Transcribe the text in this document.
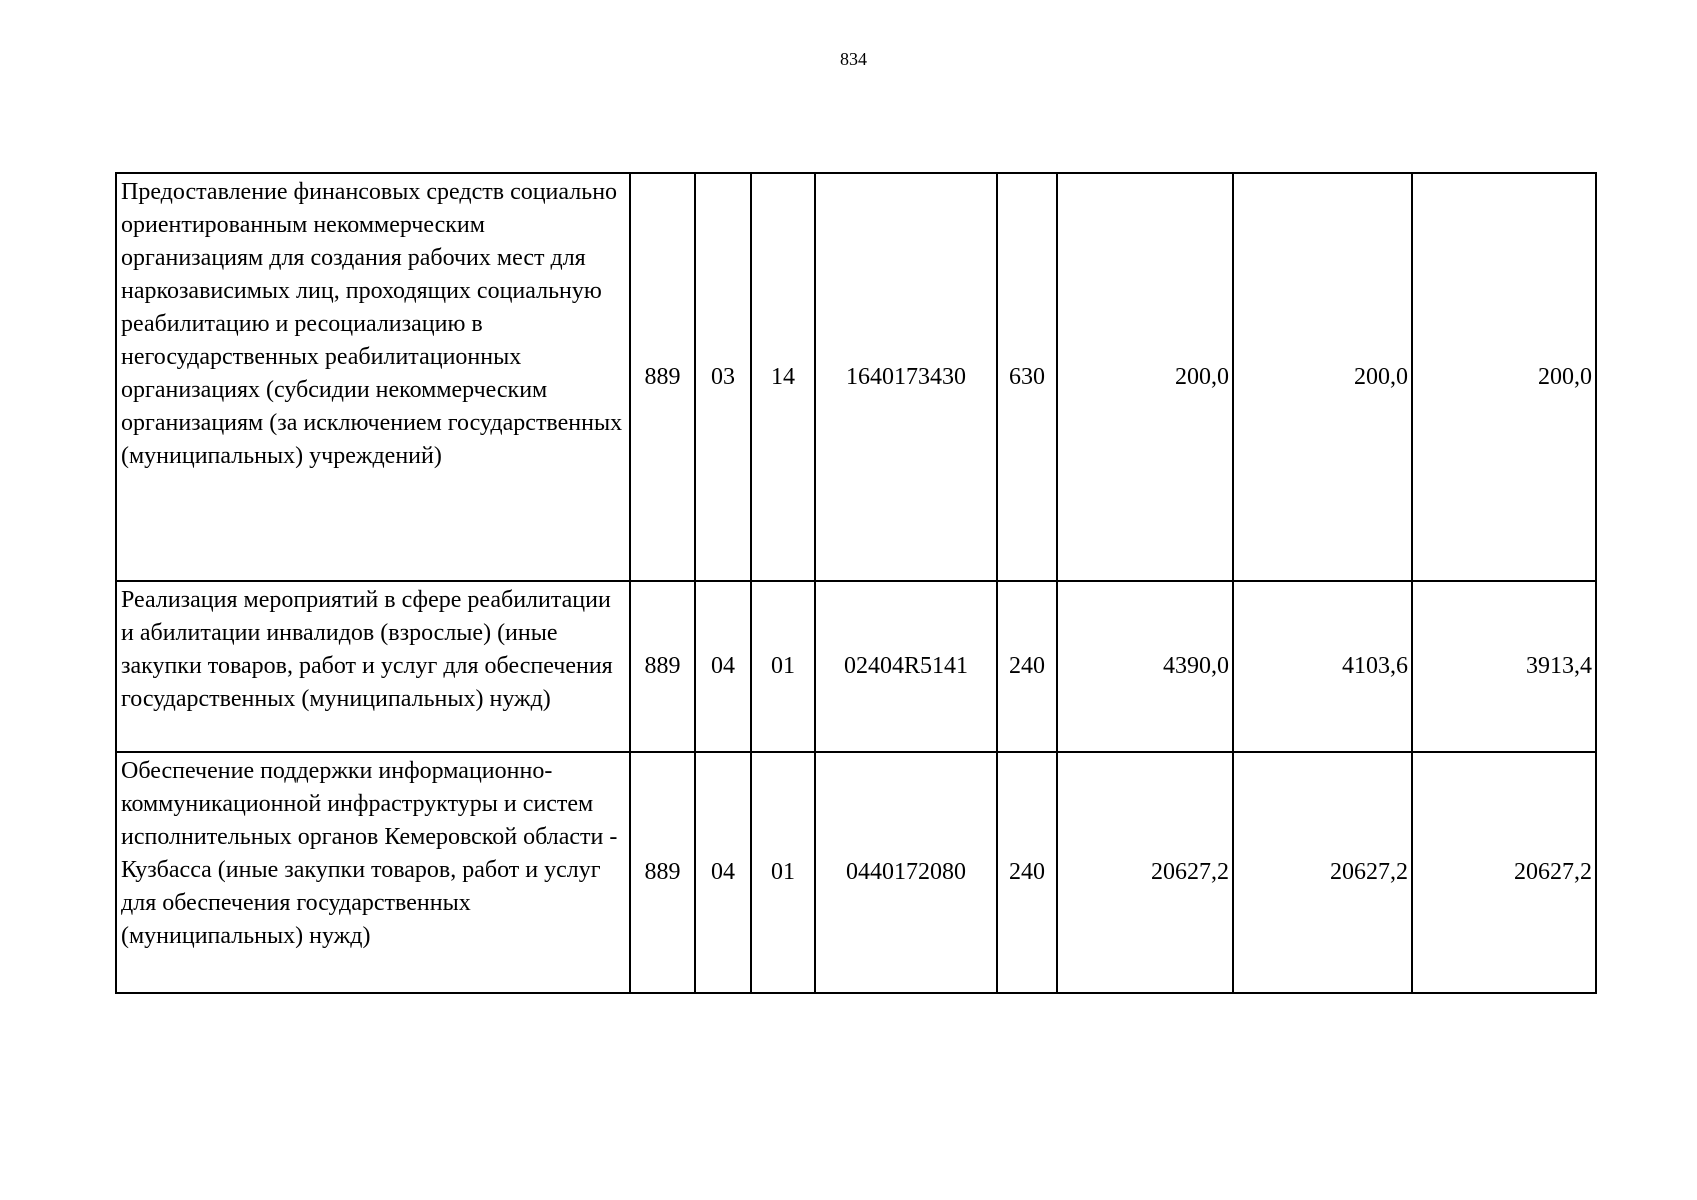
834
Предоставление финансовых средств социально ориентированным некоммерческим организациям для создания рабочих мест для наркозависимых лиц, проходящих социальную реабилитацию и ресоциализацию в негосударственных реабилитационных организациях (субсидии некоммерческим организациям (за исключением государственных (муниципальных) учреждений)	889	03	14	1640173430	630	200,0	200,0	200,0
Реализация мероприятий в сфере реабилитации и абилитации инвалидов (взрослые) (иные закупки товаров, работ и услуг для обеспечения государственных (муниципальных) нужд)	889	04	01	02404R5141	240	4390,0	4103,6	3913,4
Обеспечение поддержки информационно-коммуникационной инфраструктуры и систем исполнительных органов Кемеровской области - Кузбасса (иные закупки товаров, работ и услуг для обеспечения государственных (муниципальных) нужд)	889	04	01	0440172080	240	20627,2	20627,2	20627,2
